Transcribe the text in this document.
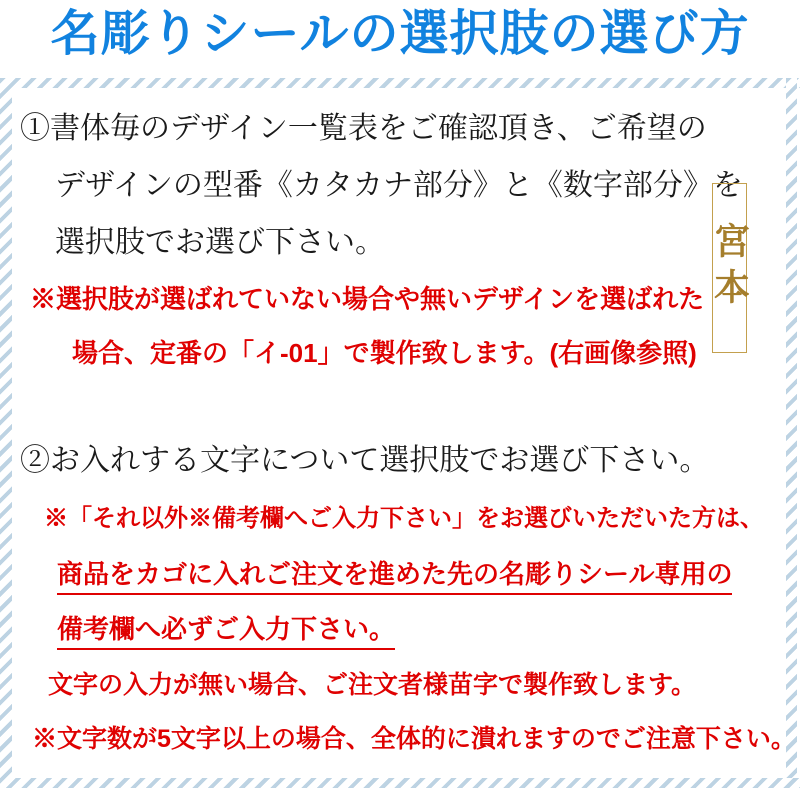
名彫りシールの選択肢の選び方
①書体毎のデザイン一覧表をご確認頂き、ご希望の
デザインの型番《カタカナ部分》と《数字部分》を
選択肢でお選び下さい。
※選択肢が選ばれていない場合や無いデザインを選ばれた
場合、定番の「イ-01」で製作致します。(右画像参照)
宮本
②お入れする文字について選択肢でお選び下さい。
※「それ以外※備考欄へご入力下さい」をお選びいただいた方は、
商品をカゴに入れご注文を進めた先の名彫りシール専用の
備考欄へ必ずご入力下さい。
文字の入力が無い場合、ご注文者様苗字で製作致します。
※文字数が5文字以上の場合、全体的に潰れますのでご注意下さい。
